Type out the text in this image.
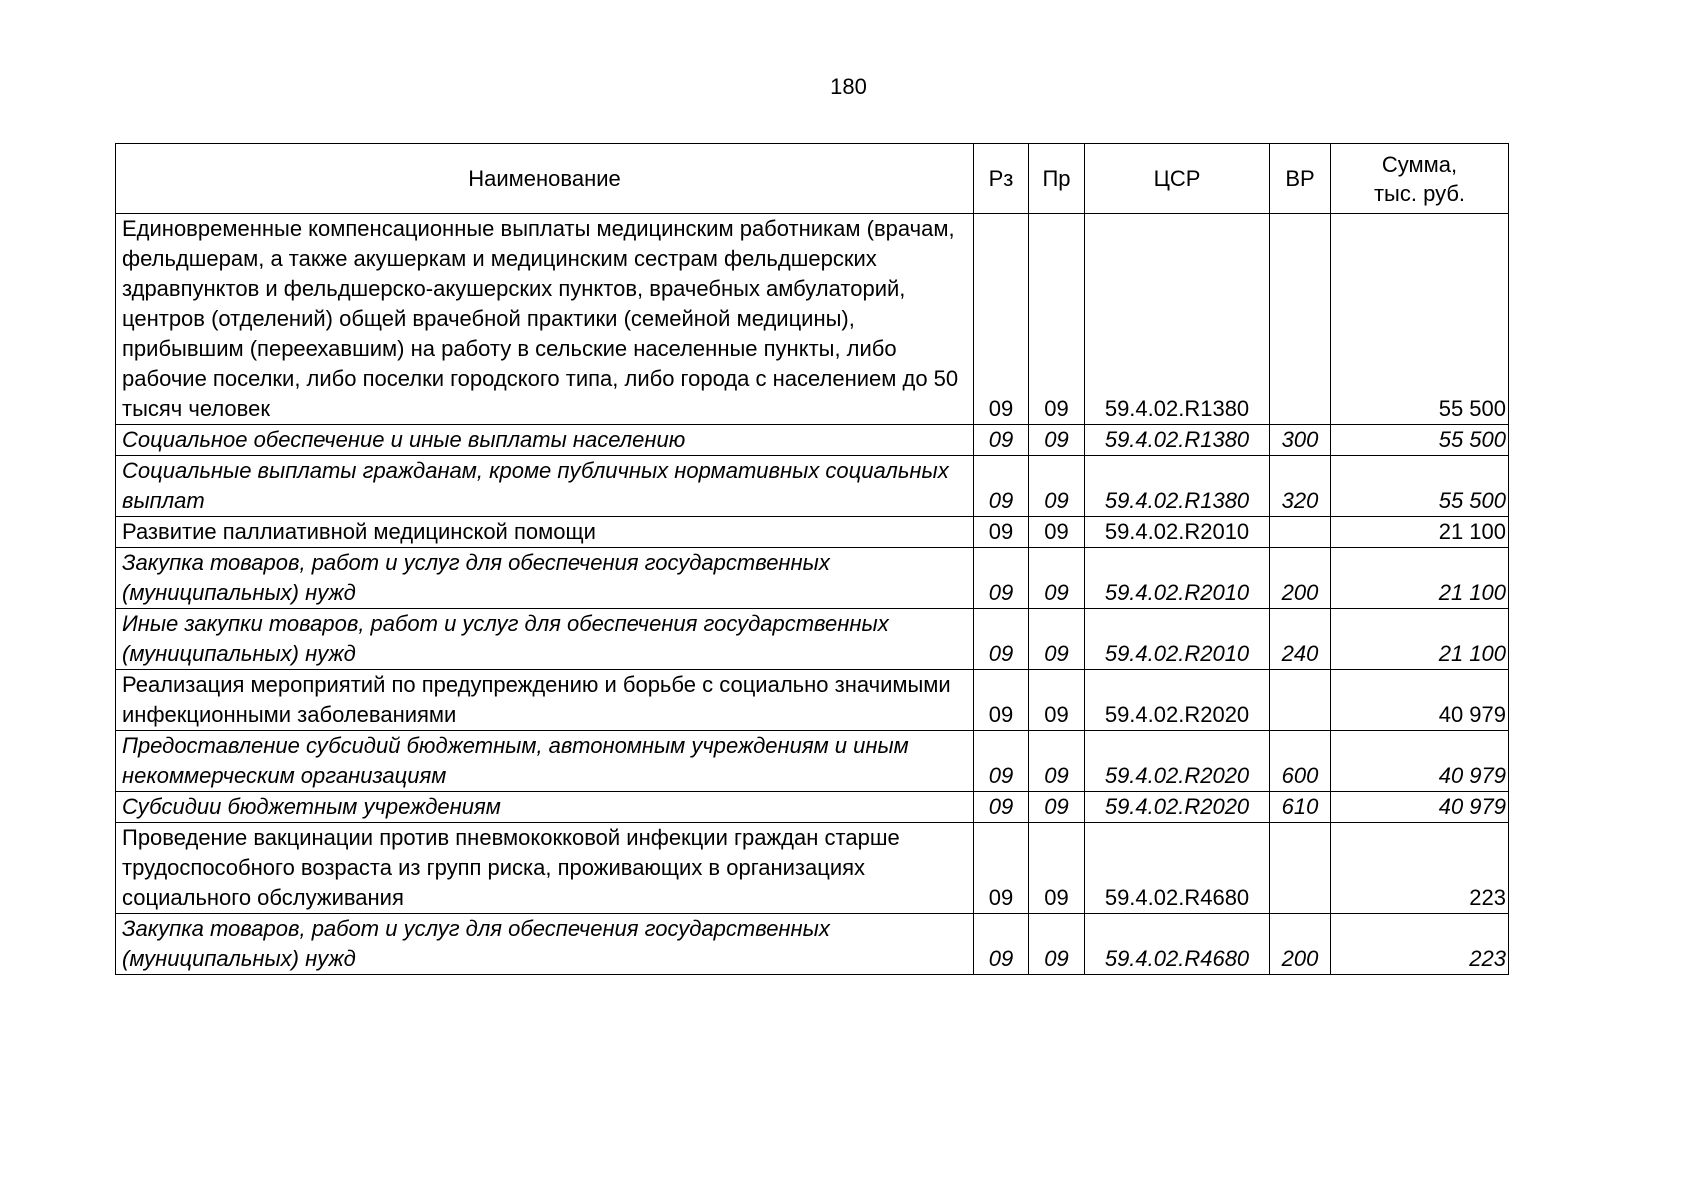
180
Наименование	Рз	Пр	ЦСР	ВР	Сумма,
тыс. руб.
Единовременные компенсационные выплаты медицинским работникам (врачам, фельдшерам, а также акушеркам и медицинским сестрам фельдшерских здравпунктов и фельдшерско-акушерских пунктов, врачебных амбулаторий, центров (отделений) общей врачебной практики (семейной медицины), прибывшим (переехавшим) на работу в сельские населенные пункты, либо рабочие поселки, либо поселки городского типа, либо города с населением до 50 тысяч человек	09	09	59.4.02.R1380		55 500
Социальное обеспечение и иные выплаты населению	09	09	59.4.02.R1380	300	55 500
Социальные выплаты гражданам, кроме публичных нормативных социальных выплат	09	09	59.4.02.R1380	320	55 500
Развитие паллиативной медицинской помощи	09	09	59.4.02.R2010		21 100
Закупка товаров, работ и услуг для обеспечения государственных (муниципальных) нужд	09	09	59.4.02.R2010	200	21 100
Иные закупки товаров, работ и услуг для обеспечения государственных (муниципальных) нужд	09	09	59.4.02.R2010	240	21 100
Реализация мероприятий по предупреждению и борьбе с социально значимыми инфекционными заболеваниями	09	09	59.4.02.R2020		40 979
Предоставление субсидий бюджетным, автономным учреждениям и иным некоммерческим организациям	09	09	59.4.02.R2020	600	40 979
Субсидии бюджетным учреждениям	09	09	59.4.02.R2020	610	40 979
Проведение вакцинации против пневмококковой инфекции граждан старше трудоспособного возраста из групп риска, проживающих в организациях социального обслуживания	09	09	59.4.02.R4680		223
Закупка товаров, работ и услуг для обеспечения государственных (муниципальных) нужд	09	09	59.4.02.R4680	200	223
